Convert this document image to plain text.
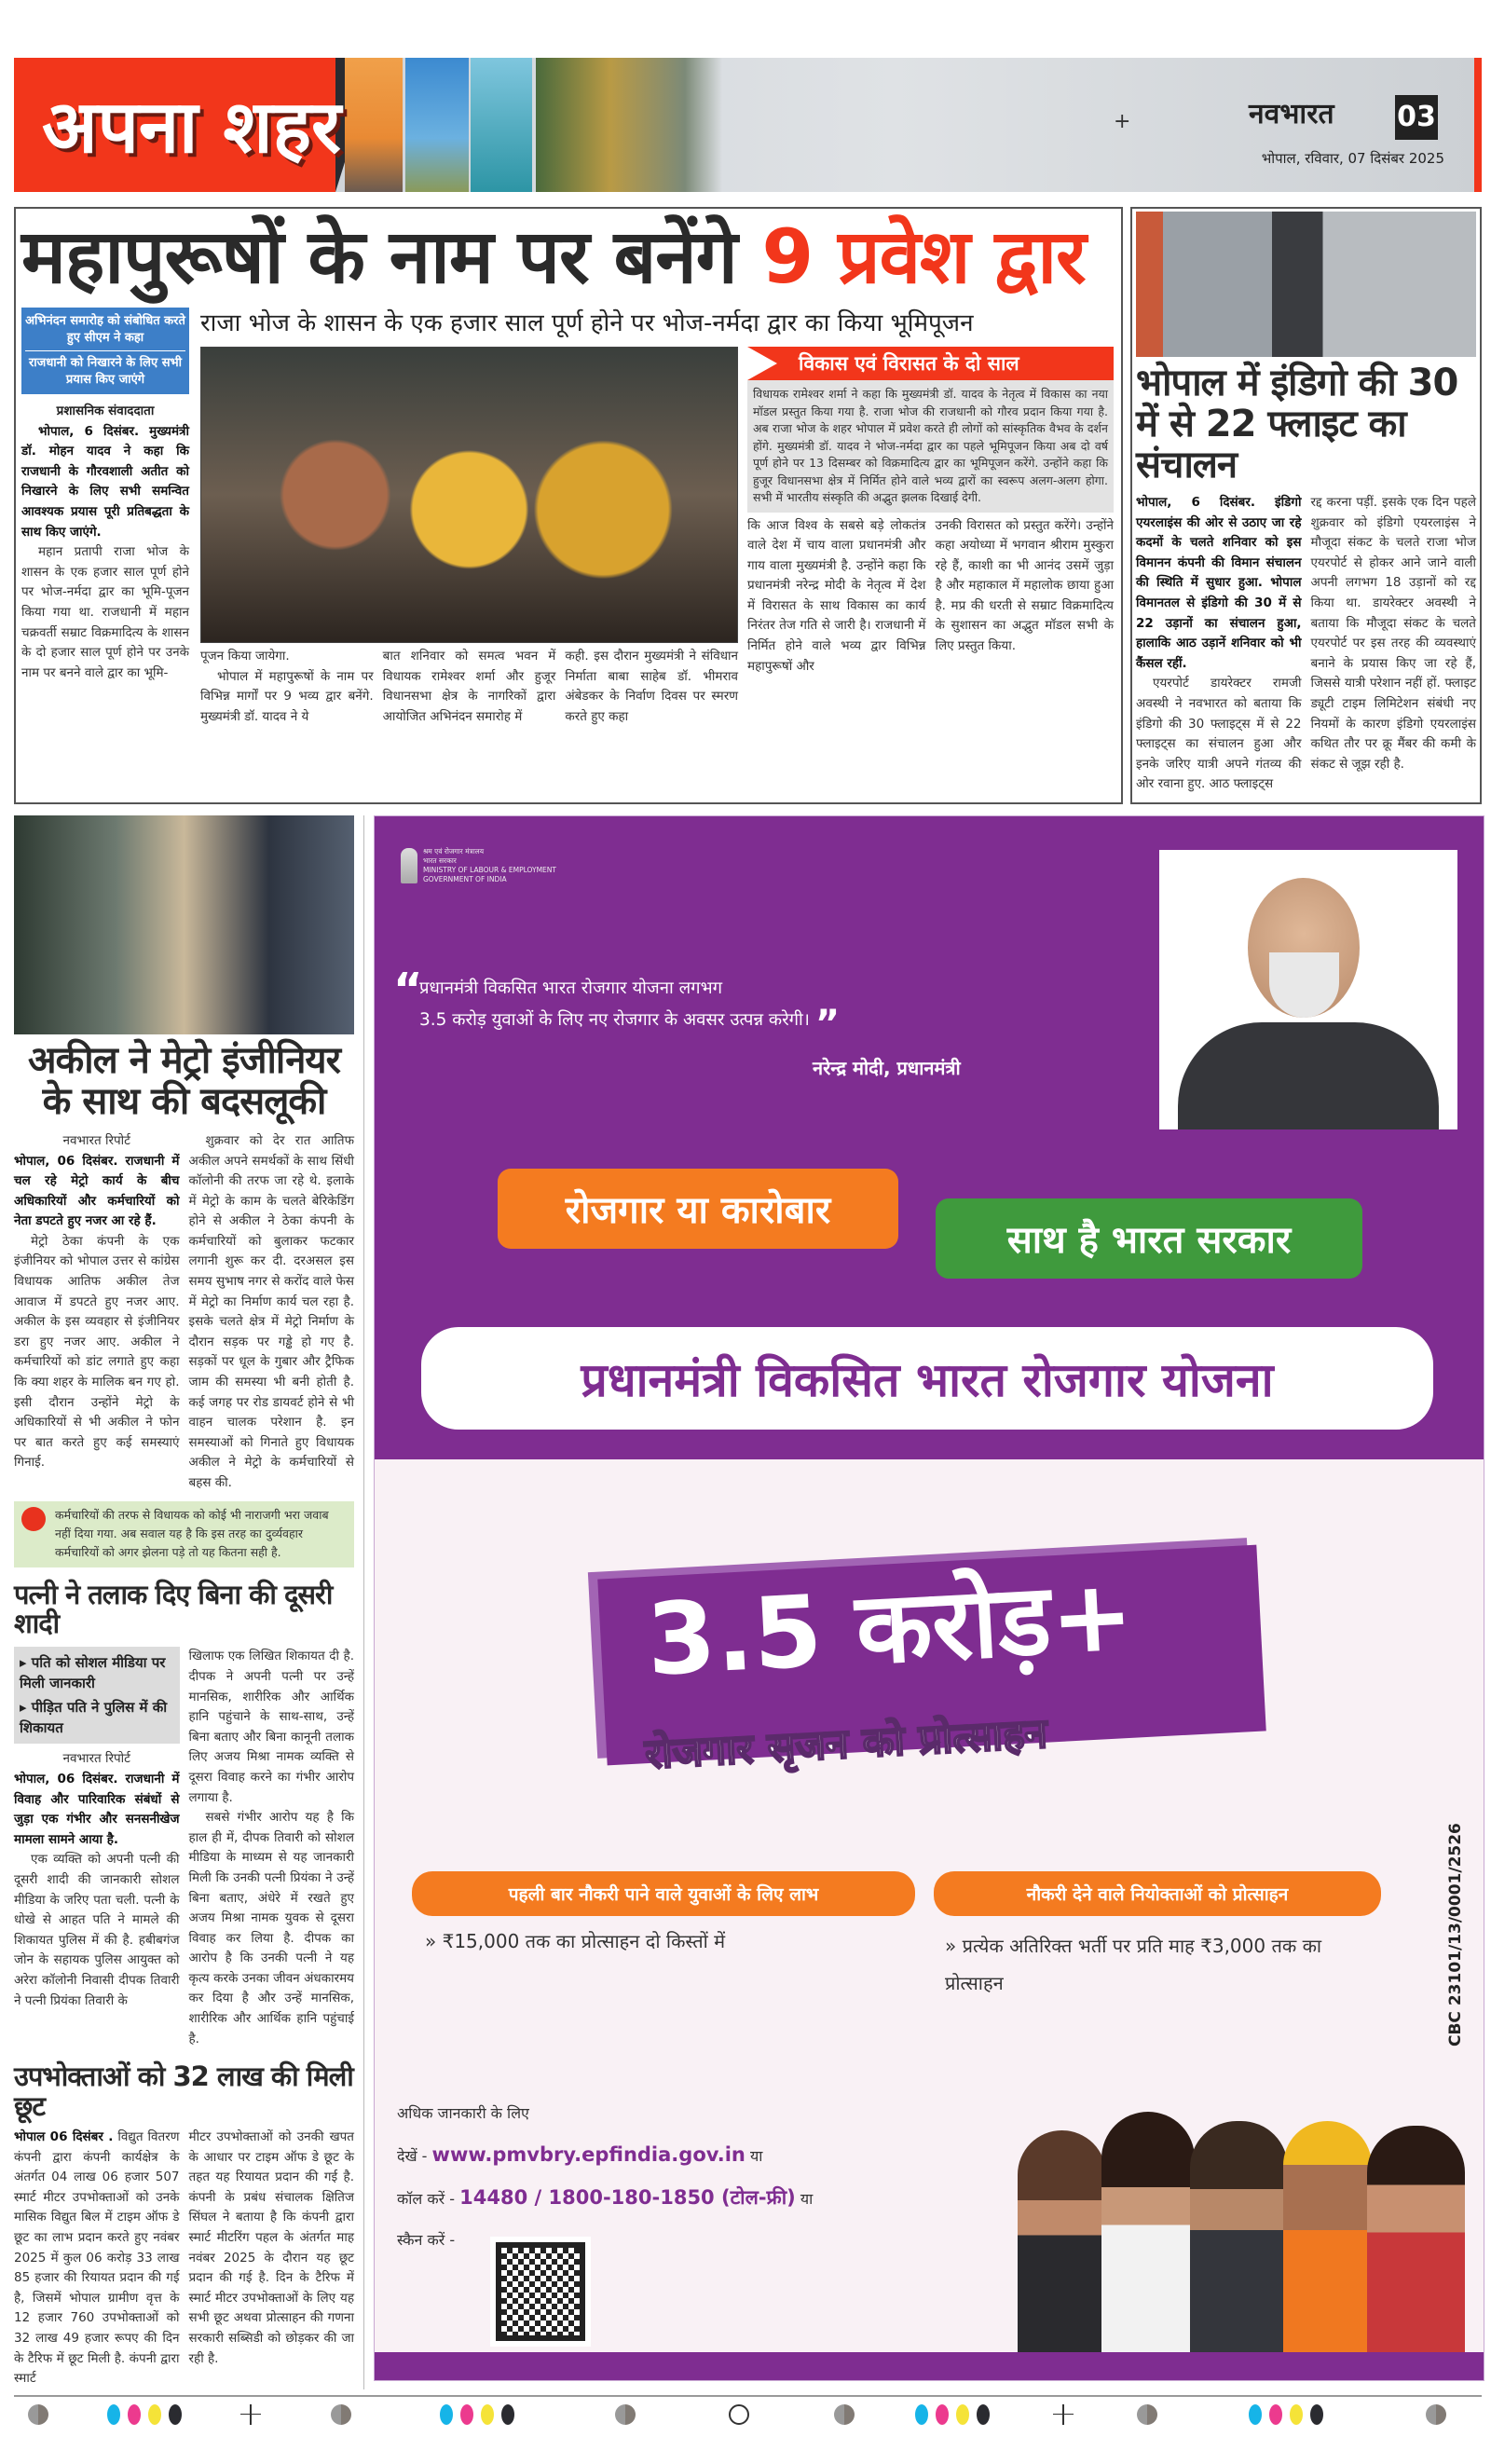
अपना शहर	+	नवभारत 03
भोपाल, रविवार, 07 दिसंबर 2025
महापुरूषों के नाम पर बनेंगे 9 प्रवेश द्वार
अभिनंदन समारोह को संबोधित करते हुए सीएम ने कहा
राजधानी को निखारने के लिए सभी प्रयास किए जाएंगे
प्रशासनिक संवाददाता
भोपाल, 6 दिसंबर. मुख्यमंत्री डॉ. मोहन यादव ने कहा कि राजधानी के गौरवशाली अतीत को निखारने के लिए सभी समन्वित आवश्यक प्रयास पूरी प्रतिबद्धता के साथ किए जाएंगे.
महान प्रतापी राजा भोज के शासन के एक हजार साल पूर्ण होने पर भोज-नर्मदा द्वार का भूमि-पूजन किया गया था. राजधानी में महान चक्रवर्ती सम्राट विक्रमादित्य के शासन के दो हजार साल पूर्ण होने पर उनके नाम पर बनने वाले द्वार का भूमि-
राजा भोज के शासन के एक हजार साल पूर्ण होने पर भोज-नर्मदा द्वार का किया भूमिपूजन
पूजन किया जायेगा.
भोपाल में महापुरूषों के नाम पर विभिन्न मार्गों पर 9 भव्य द्वार बनेंगे. मुख्यमंत्री डॉ. यादव ने ये
बात शनिवार को समत्व भवन में विधायक रामेश्वर शर्मा और हुजूर विधानसभा क्षेत्र के नागरिकों द्वारा आयोजित अभिनंदन समारोह में
कही. इस दौरान मुख्यमंत्री ने संविधान निर्माता बाबा साहेब डॉ. भीमराव अंबेडकर के निर्वाण दिवस पर स्मरण करते हुए कहा
विकास एवं विरासत के दो साल
विधायक रामेश्वर शर्मा ने कहा कि मुख्यमंत्री डॉ. यादव के नेतृत्व में विकास का नया मॉडल प्रस्तुत किया गया है. राजा भोज की राजधानी को गौरव प्रदान किया गया है. अब राजा भोज के शहर भोपाल में प्रवेश करते ही लोगों को सांस्कृतिक वैभव के दर्शन होंगे. मुख्यमंत्री डॉ. यादव ने भोज-नर्मदा द्वार का पहले भूमिपूजन किया अब दो वर्ष पूर्ण होने पर 13 दिसम्बर को विक्रमादित्य द्वार का भूमिपूजन करेंगे. उन्होंने कहा कि हुजूर विधानसभा क्षेत्र में निर्मित होने वाले भव्य द्वारों का स्वरूप अलग-अलग होगा. सभी में भारतीय संस्कृति की अद्भुत झलक दिखाई देगी.
कि आज विश्व के सबसे बड़े लोकतंत्र वाले देश में चाय वाला प्रधानमंत्री और गाय वाला मुख्यमंत्री है. उन्होंने कहा कि प्रधानमंत्री नरेन्द्र मोदी के नेतृत्व में देश में विरासत के साथ विकास का कार्य निरंतर तेज गति से जारी है। राजधानी में निर्मित होने वाले भव्य द्वार विभिन्न महापुरूषों और
उनकी विरासत को प्रस्तुत करेंगे। उन्होंने कहा अयोध्या में भगवान श्रीराम मुस्कुरा रहे हैं, काशी का भी आनंद उसमें जुड़ा है और महाकाल में महालोक छाया हुआ है. मप्र की धरती से सम्राट विक्रमादित्य के सुशासन का अद्भुत मॉडल सभी के लिए प्रस्तुत किया.
भोपाल में इंडिगो की 30 में से 22 फ्लाइट का संचालन
भोपाल, 6 दिसंबर. इंडिगो एयरलाइंस की ओर से उठाए जा रहे कदमों के चलते शनिवार को इस विमानन कंपनी की विमान संचालन की स्थिति में सुधार हुआ. भोपाल विमानतल से इंडिगो की 30 में से 22 उड़ानों का संचालन हुआ, हालाकि आठ उड़ानें शनिवार को भी कैंसल रहीं.
एयरपोर्ट डायरेक्टर रामजी अवस्थी ने नवभारत को बताया कि इंडिगो की 30 फ्लाइट्स में से 22 फ्लाइट्स का संचालन हुआ और इनके जरिए यात्री अपने गंतव्य की ओर रवाना हुए. आठ फ्लाइट्स
रद्द करना पड़ीं. इसके एक दिन पहले शुक्रवार को इंडिगो एयरलाइंस ने मौजूदा संकट के चलते राजा भोज एयरपोर्ट से होकर आने जाने वाली अपनी लगभग 18 उड़ानों को रद्द किया था. डायरेक्टर अवस्थी ने बताया कि मौजूदा संकट के चलते एयरपोर्ट पर इस तरह की व्यवस्थाएं बनाने के प्रयास किए जा रहे हैं, जिससे यात्री परेशान नहीं हों. फ्लाइट ड्यूटी टाइम लिमिटेशन संबंधी नए नियमों के कारण इंडिगो एयरलाइंस कथित तौर पर क्रू मैंबर की कमी के संकट से जूझ रही है.
अकील ने मेट्रो इंजीनियर के साथ की बदसलूकी
नवभारत रिपोर्ट
भोपाल, 06 दिसंबर. राजधानी में चल रहे मेट्रो कार्य के बीच अधिकारियों और कर्मचारियों को नेता डपटते हुए नजर आ रहे हैं.
मेट्रो ठेका कंपनी के एक इंजीनियर को भोपाल उत्तर से कांग्रेस विधायक आतिफ अकील तेज आवाज में डपटते हुए नजर आए. अकील के इस व्यवहार से इंजीनियर डरा हुए नजर आए. अकील ने कर्मचारियों को डांट लगाते हुए कहा कि क्या शहर के मालिक बन गए हो. इसी दौरान उन्होंने मेट्रो के अधिकारियों से भी अकील ने फोन पर बात करते हुए कई समस्याएं गिनाई.
शुक्रवार को देर रात आतिफ अकील अपने समर्थकों के साथ सिंधी कॉलोनी की तरफ जा रहे थे. इलाके में मेट्रो के काम के चलते बेरिकेडिंग होने से अकील ने ठेका कंपनी के कर्मचारियों को बुलाकर फटकार लगानी शुरू कर दी. दरअसल इस समय सुभाष नगर से करोंद वाले फेस में मेट्रो का निर्माण कार्य चल रहा है. इसके चलते क्षेत्र में मेट्रो निर्माण के दौरान सड़क पर गड्ढे हो गए है. सड़कों पर धूल के गुबार और ट्रैफिक जाम की समस्या भी बनी होती है. कई जगह पर रोड डायवर्ट होने से भी वाहन चालक परेशान है. इन समस्याओं को गिनाते हुए विधायक अकील ने मेट्रो के कर्मचारियों से बहस की.
कर्मचारियों की तरफ से विधायक को कोई भी नाराजगी भरा जवाब नहीं दिया गया. अब सवाल यह है कि इस तरह का दुर्व्यवहार कर्मचारियों को अगर झेलना पड़े तो यह कितना सही है.
पत्नी ने तलाक दिए बिना की दूसरी शादी
▸ पति को सोशल मीडिया पर मिली जानकारी
▸ पीड़ित पति ने पुलिस में की शिकायत
नवभारत रिपोर्ट
भोपाल, 06 दिसंबर. राजधानी में विवाह और पारिवारिक संबंधों से जुड़ा एक गंभीर और सनसनीखेज मामला सामने आया है.
एक व्यक्ति को अपनी पत्नी की दूसरी शादी की जानकारी सोशल मीडिया के जरिए पता चली. पत्नी के धोखे से आहत पति ने मामले की शिकायत पुलिस में की है. हबीबगंज जोन के सहायक पुलिस आयुक्त को अरेरा कॉलोनी निवासी दीपक तिवारी ने पत्नी प्रियंका तिवारी के
खिलाफ एक लिखित शिकायत दी है. दीपक ने अपनी पत्नी पर उन्हें मानसिक, शारीरिक और आर्थिक हानि पहुंचाने के साथ-साथ, उन्हें बिना बताए और बिना कानूनी तलाक लिए अजय मिश्रा नामक व्यक्ति से दूसरा विवाह करने का गंभीर आरोप लगाया है.
सबसे गंभीर आरोप यह है कि हाल ही में, दीपक तिवारी को सोशल मीडिया के माध्यम से यह जानकारी मिली कि उनकी पत्नी प्रियंका ने उन्हें बिना बताए, अंधेरे में रखते हुए अजय मिश्रा नामक युवक से दूसरा विवाह कर लिया है. दीपक का आरोप है कि उनकी पत्नी ने यह कृत्य करके उनका जीवन अंधकारमय कर दिया है और उन्हें मानसिक, शारीरिक और आर्थिक हानि पहुंचाई है.
उपभोक्ताओं को 32 लाख की मिली छूट
भोपाल 06 दिसंबर . विद्युत वितरण कंपनी द्वारा कंपनी कार्यक्षेत्र के अंतर्गत 04 लाख 06 हजार 507 स्मार्ट मीटर उपभोक्ताओं को उनके मासिक विद्युत बिल में टाइम ऑफ डे छूट का लाभ प्रदान करते हुए नवंबर 2025 में कुल 06 करोड़ 33 लाख 85 हजार की रियायत प्रदान की गई है, जिसमें भोपाल ग्रामीण वृत्त के 12 हजार 760 उपभोक्ताओं को 32 लाख 49 हजार रूपए की दिन के टैरिफ में छूट मिली है. कंपनी द्वारा स्मार्ट
मीटर उपभोक्ताओं को उनकी खपत के आधार पर टाइम ऑफ डे छूट के तहत यह रियायत प्रदान की गई है. कंपनी के प्रबंध संचालक क्षितिज सिंघल ने बताया है कि कंपनी द्वारा स्मार्ट मीटरिंग पहल के अंतर्गत माह नवंबर 2025 के दौरान यह छूट प्रदान की गई है. दिन के टैरिफ में स्मार्ट मीटर उपभोक्ताओं के लिए यह सभी छूट अथवा प्रोत्साहन की गणना सरकारी सब्सिडी को छोड़कर की जा रही है.
श्रम एवं रोजगार मंत्रालय
भारत सरकार
MINISTRY OF LABOUR & EMPLOYMENT
GOVERNMENT OF INDIA
“
प्रधानमंत्री विकसित भारत रोजगार योजना लगभग
3.5 करोड़ युवाओं के लिए नए रोजगार के अवसर उत्पन्न करेगी। ”
नरेन्द्र मोदी, प्रधानमंत्री
रोजगार या कारोबार
साथ है भारत सरकार
प्रधानमंत्री विकसित भारत रोजगार योजना
3.5 करोड़+
रोजगार सृजन को प्रोत्साहन
पहली बार नौकरी पाने वाले युवाओं के लिए लाभ
» ₹15,000 तक का प्रोत्साहन दो किस्तों में
नौकरी देने वाले नियोक्ताओं को प्रोत्साहन
» प्रत्येक अतिरिक्त भर्ती पर प्रति माह ₹3,000 तक का प्रोत्साहन	CBC 23101/13/0001/2526
अधिक जानकारी के लिए
देखें - www.pmvbry.epfindia.gov.in या
कॉल करें - 14480 / 1800-180-1850 (टोल-फ्री) या
स्कैन करें -
